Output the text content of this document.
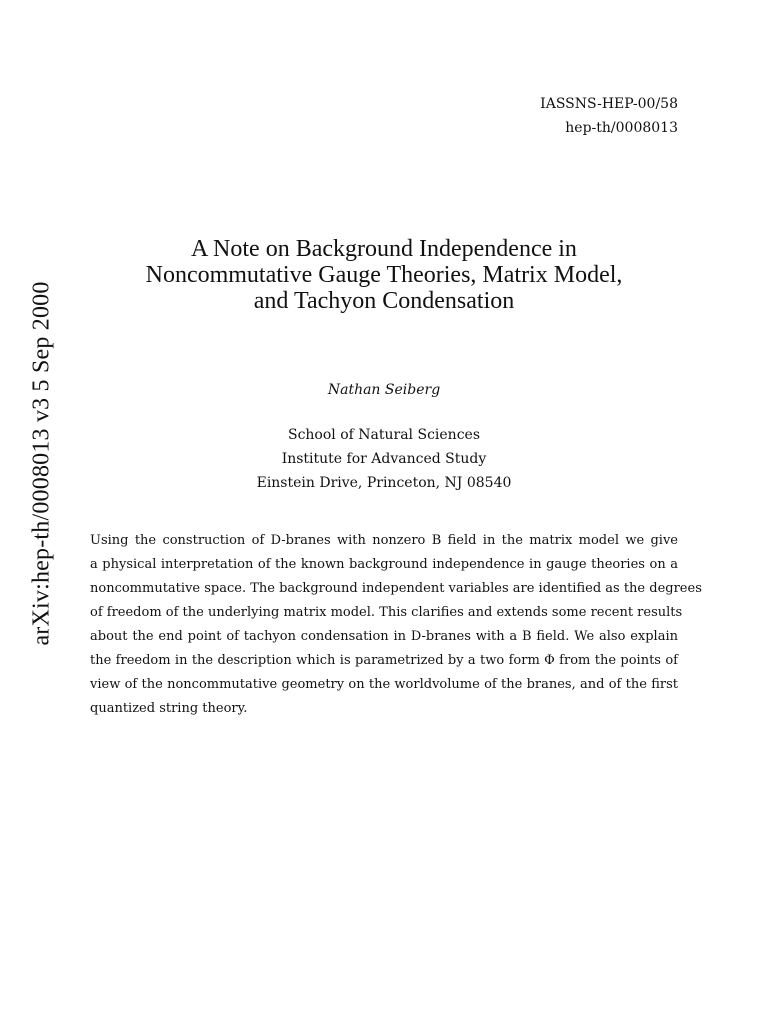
IASSNS-HEP-00/58
hep-th/0008013
arXiv:hep-th/0008013 v3 5 Sep 2000
A Note on Background Independence in
Noncommutative Gauge Theories, Matrix Model,
and Tachyon Condensation
Nathan Seiberg
School of Natural Sciences
Institute for Advanced Study
Einstein Drive, Princeton, NJ 08540
Using the construction of D-branes with nonzero B field in the matrix model we give
a physical interpretation of the known background independence in gauge theories on a
noncommutative space. The background independent variables are identified as the degrees
of freedom of the underlying matrix model. This clarifies and extends some recent results
about the end point of tachyon condensation in D-branes with a B field. We also explain
the freedom in the description which is parametrized by a two form Φ from the points of
view of the noncommutative geometry on the worldvolume of the branes, and of the first
quantized string theory.
